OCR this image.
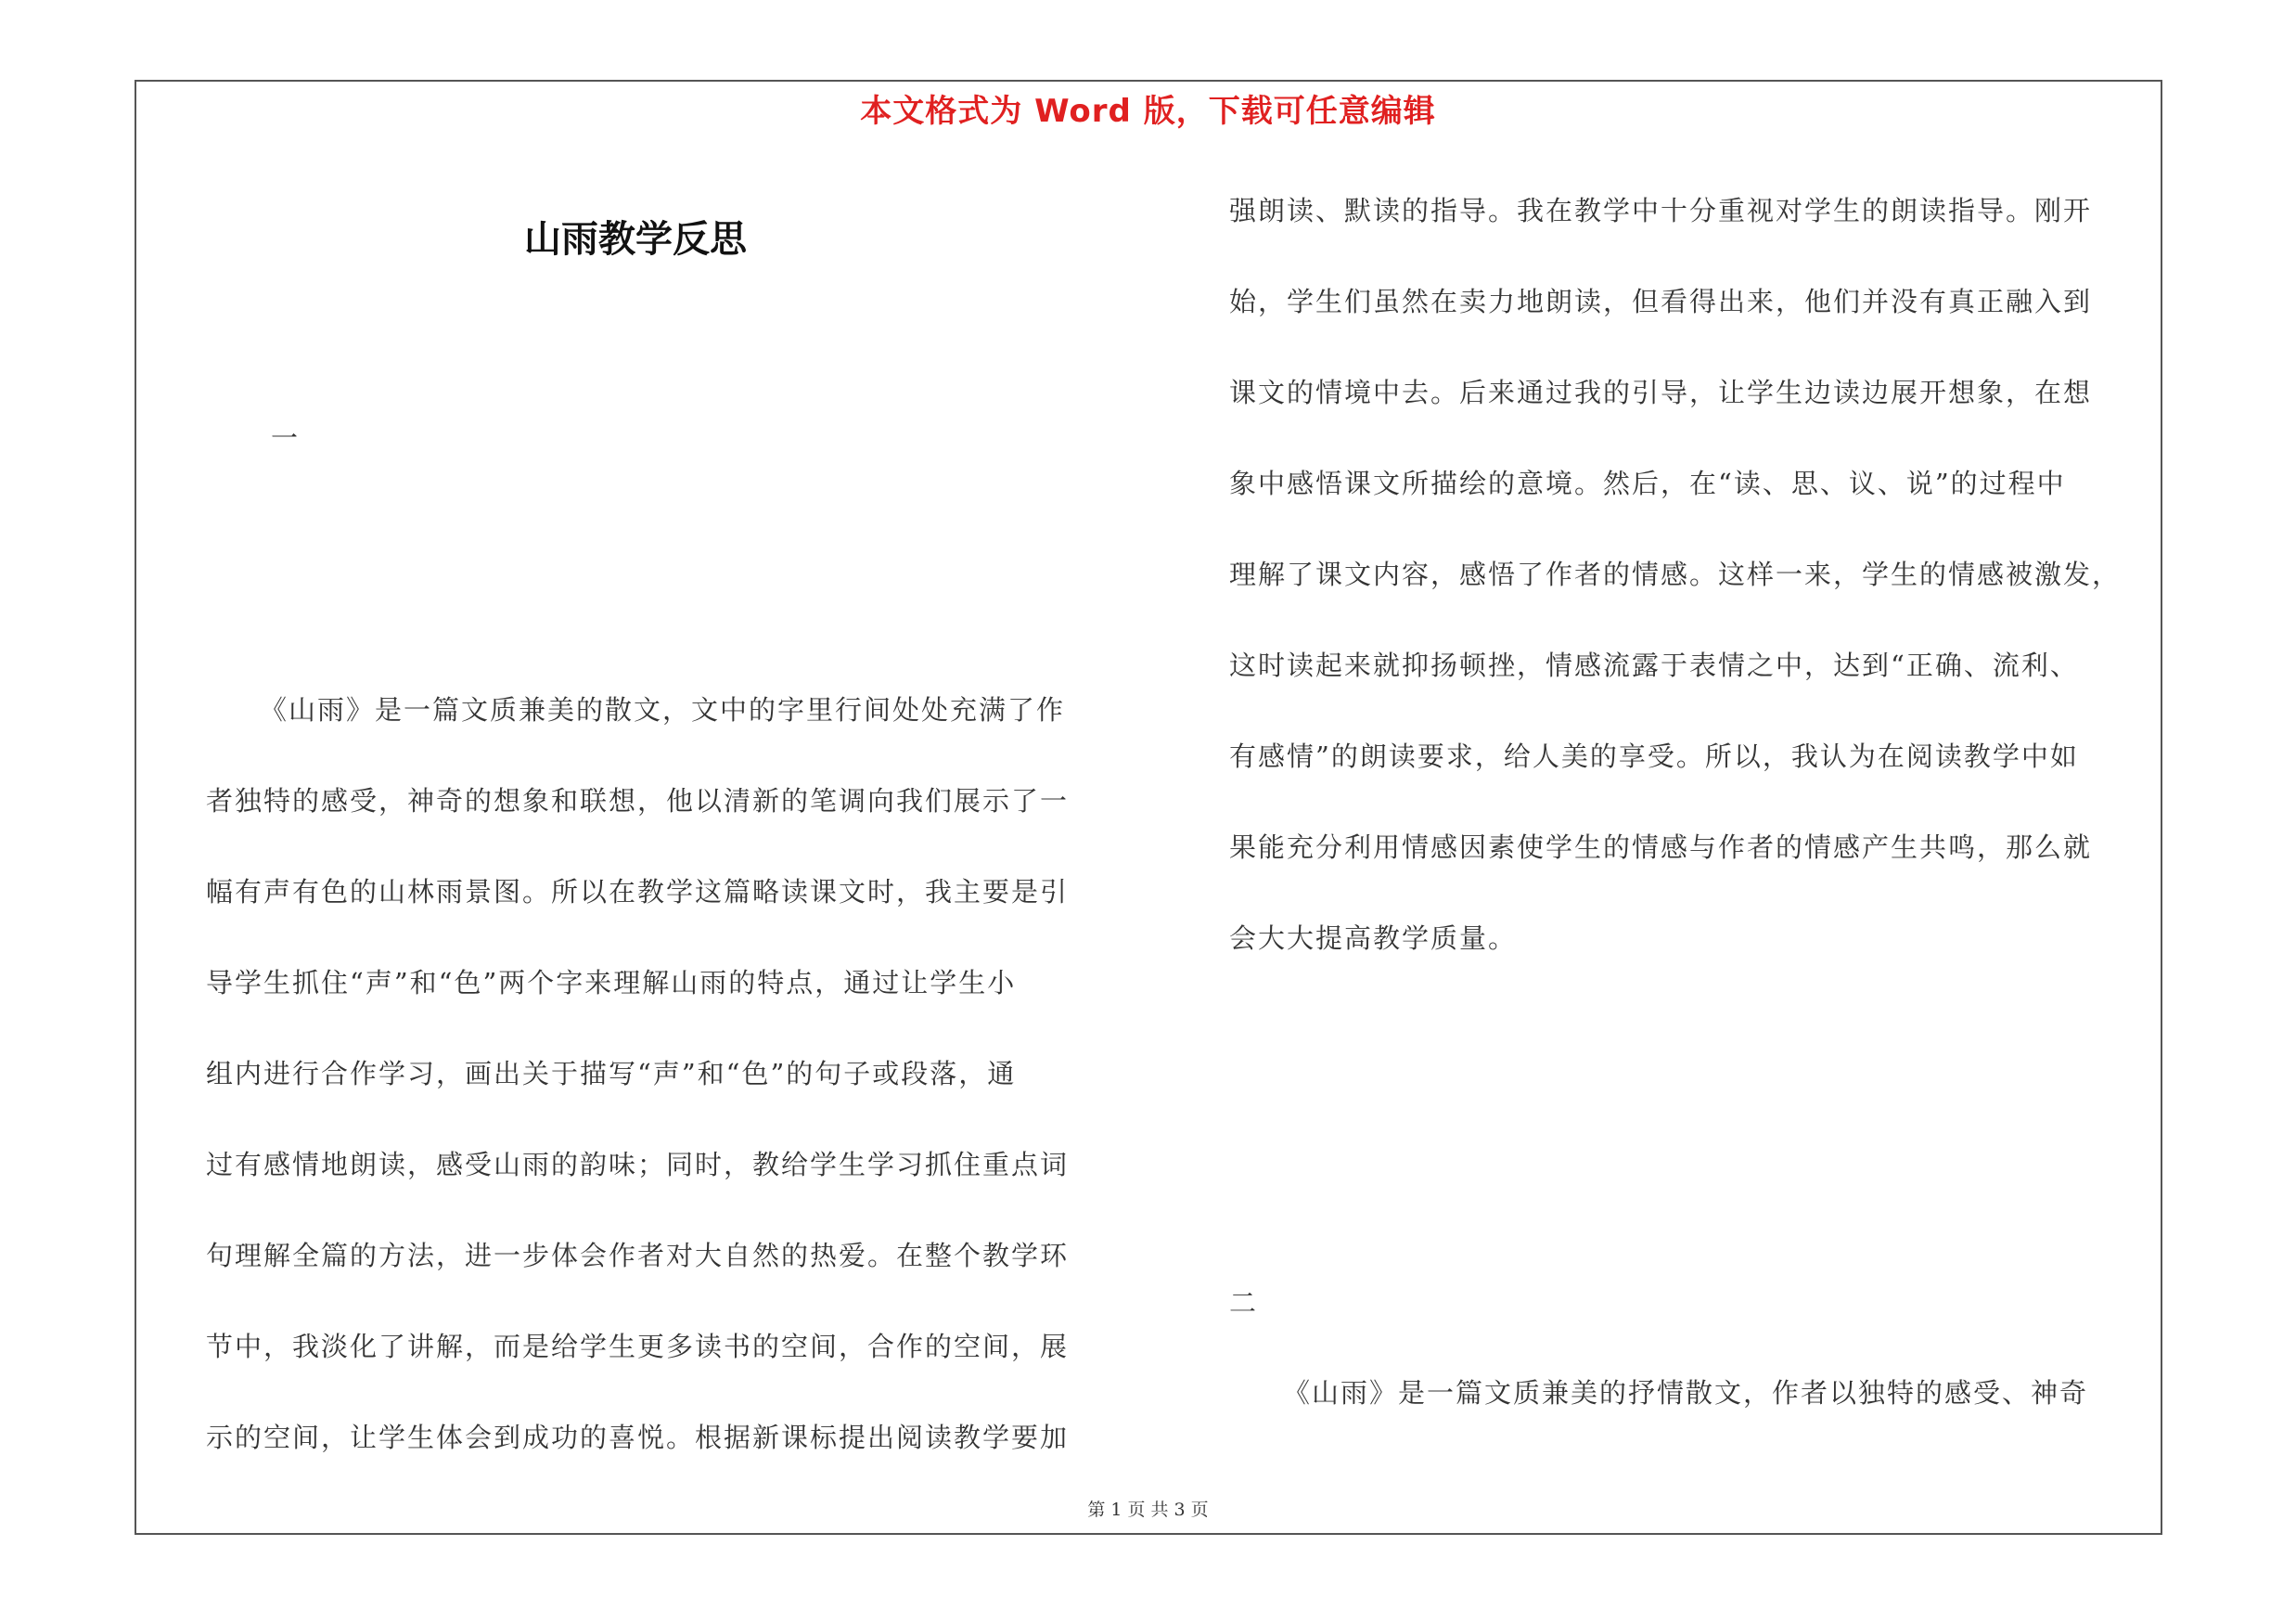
本文格式为 Word 版，下载可任意编辑
山雨教学反思
一
《山雨》是一篇文质兼美的散文，文中的字里行间处处充满了作
者独特的感受，神奇的想象和联想，他以清新的笔调向我们展示了一
幅有声有色的山林雨景图。所以在教学这篇略读课文时，我主要是引
导学生抓住“声”和“色”两个字来理解山雨的特点，通过让学生小
组内进行合作学习，画出关于描写“声”和“色”的句子或段落，通
过有感情地朗读，感受山雨的韵味；同时，教给学生学习抓住重点词
句理解全篇的方法，进一步体会作者对大自然的热爱。在整个教学环
节中，我淡化了讲解，而是给学生更多读书的空间，合作的空间，展
示的空间，让学生体会到成功的喜悦。根据新课标提出阅读教学要加
强朗读、默读的指导。我在教学中十分重视对学生的朗读指导。刚开
始，学生们虽然在卖力地朗读，但看得出来，他们并没有真正融入到
课文的情境中去。后来通过我的引导，让学生边读边展开想象，在想
象中感悟课文所描绘的意境。然后，在“读、思、议、说”的过程中
理解了课文内容，感悟了作者的情感。这样一来，学生的情感被激发，
这时读起来就抑扬顿挫，情感流露于表情之中，达到“正确、流利、
有感情”的朗读要求，给人美的享受。所以，我认为在阅读教学中如
果能充分利用情感因素使学生的情感与作者的情感产生共鸣，那么就
会大大提高教学质量。
二
《山雨》是一篇文质兼美的抒情散文，作者以独特的感受、神奇
第 1 页 共 3 页
